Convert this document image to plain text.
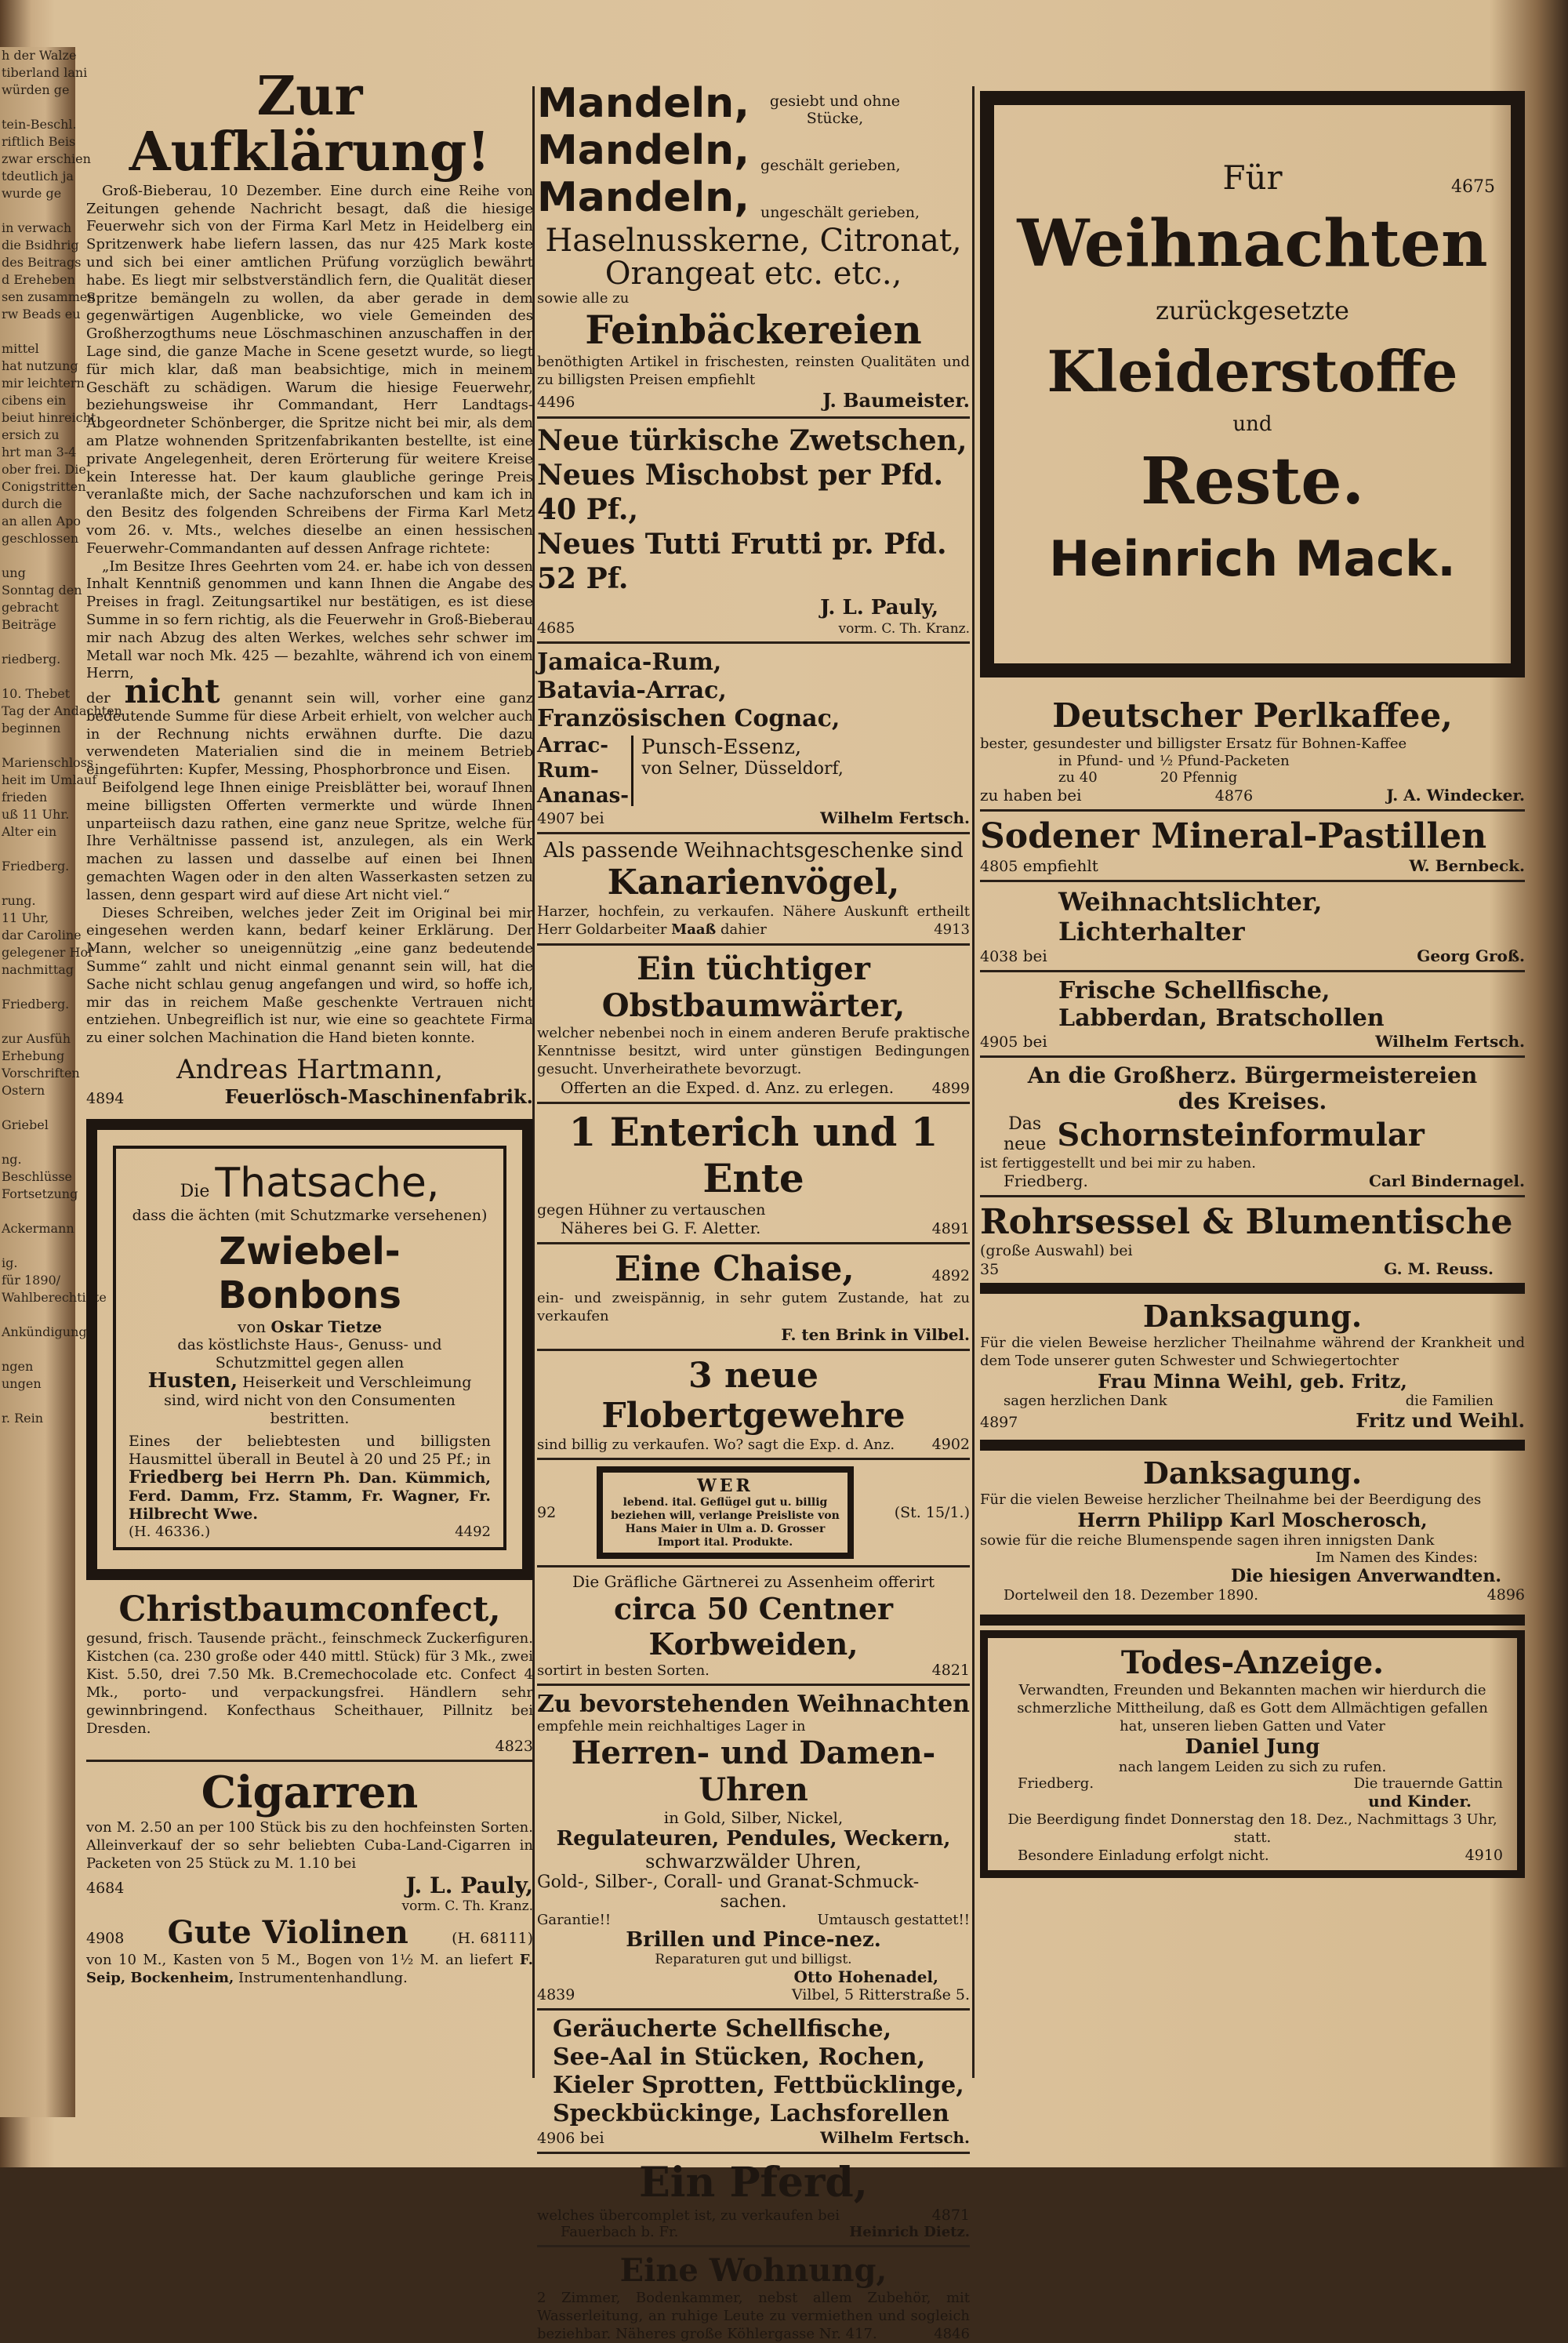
h der Walze
tiberland lani
würden ge

tein-Beschl.
riftlich Beis
zwar erschien
tdeutlich ja
wurde ge

in verwach
die Bsidhrig
des Beitrags
d Ereheben
sen zusammen
rw Beads eu

mittel
hat nutzung
mir leichtern
cibens ein
beiut hinreicht
ersich zu
hrt man 3-4
ober frei. Die
Conigstritten
durch die
an allen Apo
geschlossen

ung
Sonntag den
gebracht
Beiträge

riedberg.

10. Thebet
Tag der Andachten
beginnen

Marienschloss
heit im Umlauf
frieden
uß 11 Uhr.
Alter ein

Friedberg.

rung.
11 Uhr,
dar Caroline
gelegener Hof
nachmittag

Friedberg.

zur Ausfüh
Erhebung
Vorschriften
Ostern

Griebel

ng.
Beschlüsse
Fortsetzung

Ackermann

ig.
für 1890/
Wahlberechtigte

Ankündigung

ngen
ungen

r. Rein
Zur Aufklärung!

Groß-Bieberau, 10 Dezember. Eine durch eine Reihe von Zeitungen gehende Nachricht besagt, daß die hiesige Feuerwehr sich von der Firma Karl Metz in Heidelberg ein Spritzenwerk habe liefern lassen, das nur 425 Mark koste und sich bei einer amtlichen Prüfung vorzüglich bewährt habe. Es liegt mir selbstverständlich fern, die Qualität dieser Spritze bemängeln zu wollen, da aber gerade in dem gegenwärtigen Augenblicke, wo viele Gemeinden des Großherzogthums neue Löschmaschinen anzuschaffen in der Lage sind, die ganze Mache in Scene gesetzt wurde, so liegt für mich klar, daß man beabsichtige, mich in meinem Geschäft zu schädigen. Warum die hiesige Feuerwehr, beziehungsweise ihr Commandant, Herr Landtags-Abgeordneter Schönberger, die Spritze nicht bei mir, als dem am Platze wohnenden Spritzenfabrikanten bestellte, ist eine private Angelegenheit, deren Erörterung für weitere Kreise kein Interesse hat. Der kaum glaubliche geringe Preis veranlaßte mich, der Sache nachzuforschen und kam ich in den Besitz des folgenden Schreibens der Firma Karl Metz vom 26. v. Mts., welches dieselbe an einen hessischen Feuerwehr-Commandanten auf dessen Anfrage richtete:

„Im Besitze Ihres Geehrten vom 24. er. habe ich von dessen Inhalt Kenntniß genommen und kann Ihnen die Angabe des Preises in fragl. Zeitungsartikel nur bestätigen, es ist diese Summe in so fern richtig, als die Feuerwehr in Groß-Bieberau mir nach Abzug des alten Werkes, welches sehr schwer im Metall war noch Mk. 425 — bezahlte, während ich von einem Herrn,

der nicht genannt sein will, vorher eine ganz bedeutende Summe für diese Arbeit erhielt, von welcher auch in der Rechnung nichts erwähnen durfte. Die dazu verwendeten Materialien sind die in meinem Betrieb eingeführten: Kupfer, Messing, Phosphorbronce und Eisen.

Beifolgend lege Ihnen einige Preisblätter bei, worauf Ihnen meine billigsten Offerten vermerkte und würde Ihnen unparteiisch dazu rathen, eine ganz neue Spritze, welche für Ihre Verhältnisse passend ist, anzulegen, als ein Werk machen zu lassen und dasselbe auf einen bei Ihnen gemachten Wagen oder in den alten Wasserkasten setzen zu lassen, denn gespart wird auf diese Art nicht viel.“

Dieses Schreiben, welches jeder Zeit im Original bei mir eingesehen werden kann, bedarf keiner Erklärung. Der Mann, welcher so uneigennützig „eine ganz bedeutende Summe“ zahlt und nicht einmal genannt sein will, hat die Sache nicht schlau genug angefangen und wird, so hoffe ich, mir das in reichem Maße geschenkte Vertrauen nicht entziehen. Unbegreiflich ist nur, wie eine so geachtete Firma zu einer solchen Machination die Hand bieten konnte.

Andreas Hartmann,
4894	Feuerlösch-Maschinenfabrik.
Die Thatsache,
dass die ächten (mit Schutzmarke versehenen)
Zwiebel-Bonbons
von Oskar Tietze
das köstlichste Haus-, Genuss- und Schutzmittel gegen allen
Husten, Heiserkeit und Verschleimung sind, wird nicht von den Consumenten bestritten.
Eines der beliebtesten und billigsten Hausmittel überall in Beutel à 20 und 25 Pf.; in Friedberg bei Herrn Ph. Dan. Kümmich, Ferd. Damm, Frz. Stamm, Fr. Wagner, Fr. Hilbrecht Wwe.
(H. 46336.)	4492
Christbaumconfect,
gesund, frisch. Tausende prächt., feinschmeck Zuckerfiguren. Kistchen (ca. 230 große oder 440 mittl. Stück) für 3 Mk., zwei Kist. 5.50, drei 7.50 Mk. B.Cremechocolade etc. Confect 4 Mk., porto- und verpackungsfrei. Händlern sehr gewinnbringend. Konfecthaus Scheithauer, Pillnitz bei Dresden.
4823
Cigarren
von M. 2.50 an per 100 Stück bis zu den hochfeinsten Sorten. Alleinverkauf der so sehr beliebten Cuba-Land-Cigarren in Packeten von 25 Stück zu M. 1.10 bei
4684	J. L. Pauly,
vorm. C. Th. Kranz.
4908 Gute Violinen	(H. 68111)
von 10 M., Kasten von 5 M., Bogen von 1½ M. an liefert F. Seip, Bockenheim, Instrumentenhandlung.
Mandeln,	gesiebt und ohne Stücke,
Mandeln, geschält gerieben,
Mandeln, ungeschält gerieben,
Haselnusskerne, Citronat, Orangeat etc. etc.,
sowie alle zu
Feinbäckereien
benöthigten Artikel in frischesten, reinsten Qualitäten und zu billigsten Preisen empfiehlt
4496	J. Baumeister.
Neue türkische Zwetschen,
Neues Mischobst per Pfd. 40 Pf.,
Neues Tutti Frutti pr. Pfd. 52 Pf.
J. L. Pauly,
4685	vorm. C. Th. Kranz.
Jamaica-Rum,
Batavia-Arrac,
Französischen Cognac,
Arrac-
Rum-
Ananas-
Punsch-Essenz,
von Selner, Düsseldorf,
4907 bei	Wilhelm Fertsch.
Als passende Weihnachtsgeschenke sind
Kanarienvögel,
Harzer, hochfein, zu verkaufen. Nähere Auskunft ertheilt Herr Goldarbeiter Maaß dahier	4913
Ein tüchtiger Obstbaumwärter,
welcher nebenbei noch in einem anderen Berufe praktische Kenntnisse besitzt, wird unter günstigen Bedingungen gesucht. Unverheirathete bevorzugt.
Offerten an die Exped. d. Anz. zu erlegen.	4899
1 Enterich und 1 Ente
gegen Hühner zu vertauschen
Näheres bei G. F. Aletter.	4891
Eine Chaise,	4892
ein- und zweispännig, in sehr gutem Zustande, hat zu verkaufen
F. ten Brink in Vilbel.
3 neue Flobertgewehre
sind billig zu verkaufen. Wo? sagt die Exp. d. Anz.	4902
92
WER
lebend. ital. Geflügel gut u. billig beziehen will, verlange Preisliste von Hans Maier in Ulm a. D. Grosser Import ital. Produkte.
(St. 15/1.)
Die Gräfliche Gärtnerei zu Assenheim offerirt
circa 50 Centner Korbweiden,
sortirt in besten Sorten.	4821
Zu bevorstehenden Weihnachten
empfehle mein reichhaltiges Lager in
Herren- und Damen-Uhren
in Gold, Silber, Nickel,
Regulateuren, Pendules, Weckern,
schwarzwälder Uhren,
Gold-, Silber-, Corall- und Granat-Schmuck-
sachen.
Garantie!!	Umtausch gestattet!!
Brillen und Pincе-nez.
Reparaturen gut und billigst.
Otto Hohenadel,
4839	Vilbel, 5 Ritterstraße 5.
Geräucherte Schellfische,
See-Aal in Stücken, Rochen,
Kieler Sprotten, Fettbücklinge,
Speckbückinge, Lachsforellen
4906 bei	Wilhelm Fertsch.
Ein Pferd,
welches übercomplet ist, zu verkaufen bei	4871
Fauerbach b. Fr.	Heinrich Dietz.
Eine Wohnung,
2 Zimmer, Bodenkammer, nebst allem Zubehör, mit Wasserleitung, an ruhige Leute zu vermiethen und sogleich beziehbar. Näheres große Köhlergasse Nr. 417.	4846
Für	4675
Weihnachten
zurückgesetzte
Kleiderstoffe
und
Reste.
Heinrich Mack.
Deutscher Perlkaffee,
bester, gesundester und billigster Ersatz für Bohnen-Kaffee
in Pfund- und ½ Pfund-Packeten
zu 40	20 Pfennig
zu haben bei	4876	J. A. Windecker.
Sodener Mineral-Pastillen
4805 empfiehlt	W. Bernbeck.
Weihnachtslichter,
Lichterhalter
4038 bei	Georg Groß.
Frische Schellfische,
Labberdan, Bratschollen
4905 bei	Wilhelm Fertsch.
An die Großherz. Bürgermeistereien
des Kreises.
Das
neue Schornsteinformular
ist fertiggestellt und bei mir zu haben.
Friedberg.	Carl Bindernagel.
Rohrsessel & Blumentische
(große Auswahl) bei
35	G. M. Reuss.
Danksagung.
Für die vielen Beweise herzlicher Theilnahme während der Krankheit und dem Tode unserer guten Schwester und Schwiegertochter
Frau Minna Weihl, geb. Fritz,
sagen herzlichen Dank	die Familien
4897	Fritz und Weihl.
Danksagung.
Für die vielen Beweise herzlicher Theilnahme bei der Beerdigung des
Herrn Philipp Karl Moscherosch,
sowie für die reiche Blumenspende sagen ihren innigsten Dank
Im Namen des Kindes:
Die hiesigen Anverwandten.
Dortelweil den 18. Dezember 1890.	4896
Todes-Anzeige.
Verwandten, Freunden und Bekannten machen wir hierdurch die schmerzliche Mittheilung, daß es Gott dem Allmächtigen gefallen hat, unseren lieben Gatten und Vater
Daniel Jung
nach langem Leiden zu sich zu rufen.
Friedberg.	Die trauernde Gattin
und Kinder.
Die Beerdigung findet Donnerstag den 18. Dez., Nachmittags 3 Uhr, statt.
Besondere Einladung erfolgt nicht.	4910
